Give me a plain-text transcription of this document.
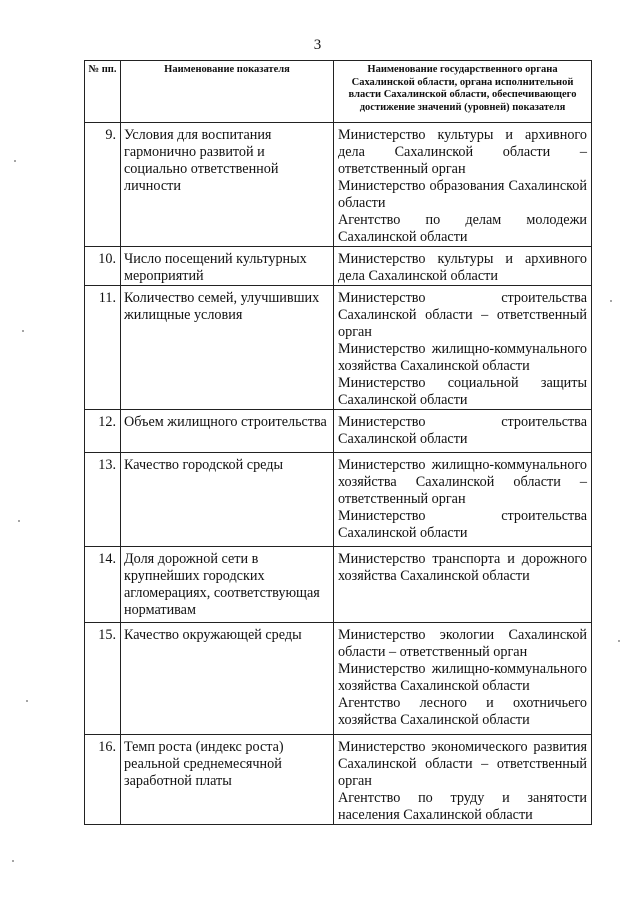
3
№ пп.	Наименование показателя	Наименование государственного органа Сахалинской области, органа исполнительной власти Сахалинской области, обеспечивающего достижение значений (уровней) показателя
9.	Условия для воспитания гармонично развитой и социально ответственной личности	Министерство культуры и архивного дела Сахалинской области – ответственный орган
Министерство образования Сахалинской области
Агентство по делам молодежи Сахалинской области

10.	Число посещений культурных мероприятий	Министерство культуры и архивного дела Сахалинской области

11.	Количество семей, улучшивших жилищные условия	Министерство строительства Сахалинской области – ответственный орган
Министерство жилищно-коммунального хозяйства Сахалинской области
Министерство социальной защиты Сахалинской области

12.	Объем жилищного строительства	Министерство строительства Сахалинской области

13.	Качество городской среды	Министерство жилищно-коммунального хозяйства Сахалинской области – ответственный орган
Министерство строительства Сахалинской области

14.	Доля дорожной сети в крупнейших городских агломерациях, соответствующая нормативам	Министерство транспорта и дорожного хозяйства Сахалинской области

15.	Качество окружающей среды	Министерство экологии Сахалинской области – ответственный орган
Министерство жилищно-коммунального хозяйства Сахалинской области
Агентство лесного и охотничьего хозяйства Сахалинской области

16.	Темп роста (индекс роста) реальной среднемесячной заработной платы	Министерство экономического развития Сахалинской области – ответственный орган
Агентство по труду и занятости населения Сахалинской области
